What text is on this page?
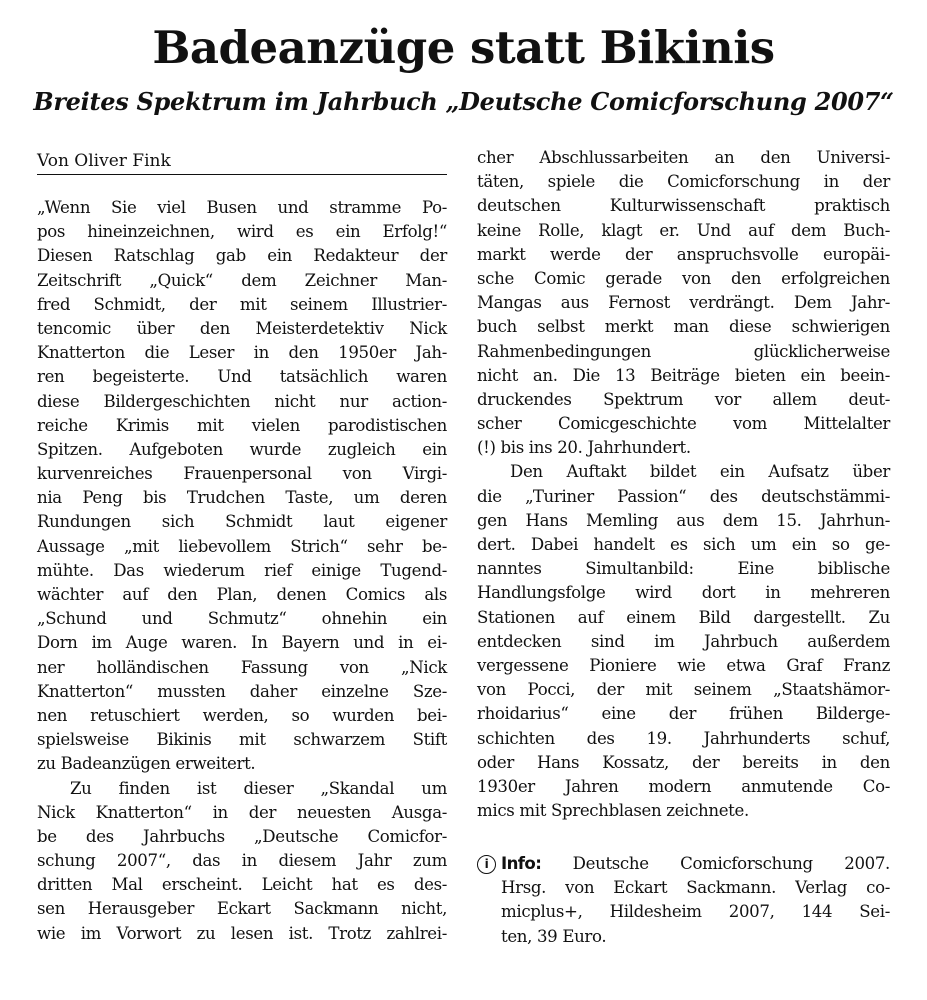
Badeanzüge statt Bikinis
Breites Spektrum im Jahrbuch „Deutsche Comicforschung 2007“
Von Oliver Fink
„Wenn Sie viel Busen und stramme Po-
pos hineinzeichnen, wird es ein Erfolg!“
Diesen Ratschlag gab ein Redakteur der
Zeitschrift „Quick“ dem Zeichner Man-
fred Schmidt, der mit seinem Illustrier-
tencomic über den Meisterdetektiv Nick
Knatterton die Leser in den 1950er Jah-
ren begeisterte. Und tatsächlich waren
diese Bildergeschichten nicht nur action-
reiche Krimis mit vielen parodistischen
Spitzen. Aufgeboten wurde zugleich ein
kurvenreiches Frauenpersonal von Virgi-
nia Peng bis Trudchen Taste, um deren
Rundungen sich Schmidt laut eigener
Aussage „mit liebevollem Strich“ sehr be-
mühte. Das wiederum rief einige Tugend-
wächter auf den Plan, denen Comics als
„Schund und Schmutz“ ohnehin ein
Dorn im Auge waren. In Bayern und in ei-
ner holländischen Fassung von „Nick
Knatterton“ mussten daher einzelne Sze-
nen retuschiert werden, so wurden bei-
spielsweise Bikinis mit schwarzem Stift
zu Badeanzügen erweitert.
Zu finden ist dieser „Skandal um
Nick Knatterton“ in der neuesten Ausga-
be des Jahrbuchs „Deutsche Comicfor-
schung 2007“, das in diesem Jahr zum
dritten Mal erscheint. Leicht hat es des-
sen Herausgeber Eckart Sackmann nicht,
wie im Vorwort zu lesen ist. Trotz zahlrei-
cher Abschlussarbeiten an den Universi-
täten, spiele die Comicforschung in der
deutschen Kulturwissenschaft praktisch
keine Rolle, klagt er. Und auf dem Buch-
markt werde der anspruchsvolle europäi-
sche Comic gerade von den erfolgreichen
Mangas aus Fernost verdrängt. Dem Jahr-
buch selbst merkt man diese schwierigen
Rahmenbedingungen glücklicherweise
nicht an. Die 13 Beiträge bieten ein beein-
druckendes Spektrum vor allem deut-
scher Comicgeschichte vom Mittelalter
(!) bis ins 20. Jahrhundert.
Den Auftakt bildet ein Aufsatz über
die „Turiner Passion“ des deutschstämmi-
gen Hans Memling aus dem 15. Jahrhun-
dert. Dabei handelt es sich um ein so ge-
nanntes Simultanbild: Eine biblische
Handlungsfolge wird dort in mehreren
Stationen auf einem Bild dargestellt. Zu
entdecken sind im Jahrbuch außerdem
vergessene Pioniere wie etwa Graf Franz
von Pocci, der mit seinem „Staatshämor-
rhoidarius“ eine der frühen Bilderge-
schichten des 19. Jahrhunderts schuf,
oder Hans Kossatz, der bereits in den
1930er Jahren modern anmutende Co-
mics mit Sprechblasen zeichnete.
i Info: Deutsche Comicforschung 2007.
Hrsg. von Eckart Sackmann. Verlag co-
micplus+, Hildesheim 2007, 144 Sei-
ten, 39 Euro.
